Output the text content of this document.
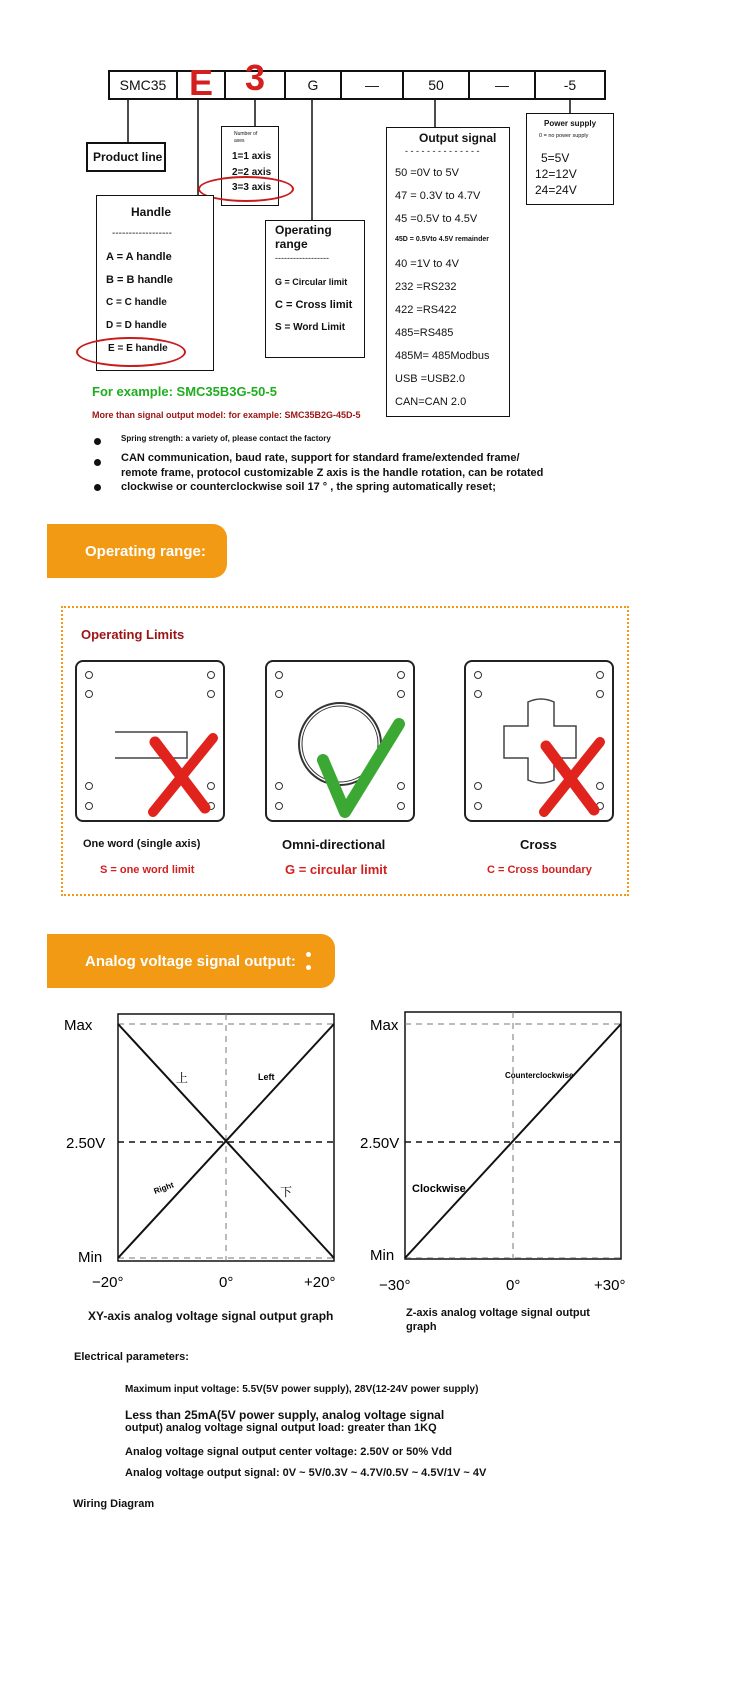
SMC35 E 3	G	—	50	—	-5
Product line
Number of axes
1=1 axis
2=2 axis
3=3 axis
Handle
------------------
A = A handle
B = B handle
C = C handle
D = D handle
E = E handle
Operating
range
------------------
G = Circular limit
C = Cross limit
S = Word Limit
Output signal
- - - - - - - - - - - - - -
50 =0V to 5V
47 = 0.3V to 4.7V
45 =0.5V to 4.5V
45D = 0.5Vto 4.5V remainder
40 =1V to 4V
232 =RS232
422 =RS422
485=RS485
485M= 485Modbus
USB =USB2.0
CAN=CAN 2.0
Power supply
0 = no power supply
5=5V
12=12V
24=24V
For example: SMC35B3G-50-5
More than signal output model: for example: SMC35B2G-45D-5
Spring strength: a variety of, please contact the factory
CAN communication, baud rate, support for standard frame/extended frame/
remote frame, protocol customizable Z axis is the handle rotation, can be rotated
clockwise or counterclockwise soil 17 ° , the spring automatically reset;
Operating range:
Operating Limits
One word (single axis)
S = one word limit
Omni-directional
G = circular limit
Cross
C = Cross boundary
Analog voltage signal output:
Max
2.50V
Min
−20°	0°	+20°
上	Left
Right	下
XY-axis analog voltage signal output graph
Max
2.50V
Min
−30°	0°	+30°
Counterclockwise
Clockwise
Z-axis analog voltage signal output
graph
Electrical parameters:
Maximum input voltage: 5.5V(5V power supply), 28V(12-24V power supply)
Less than 25mA(5V power supply, analog voltage signal
output) analog voltage signal output load: greater than 1KQ
Analog voltage signal output center voltage: 2.50V or 50% Vdd
Analog voltage output signal: 0V ~ 5V/0.3V ~ 4.7V/0.5V ~ 4.5V/1V ~ 4V
Wiring Diagram
